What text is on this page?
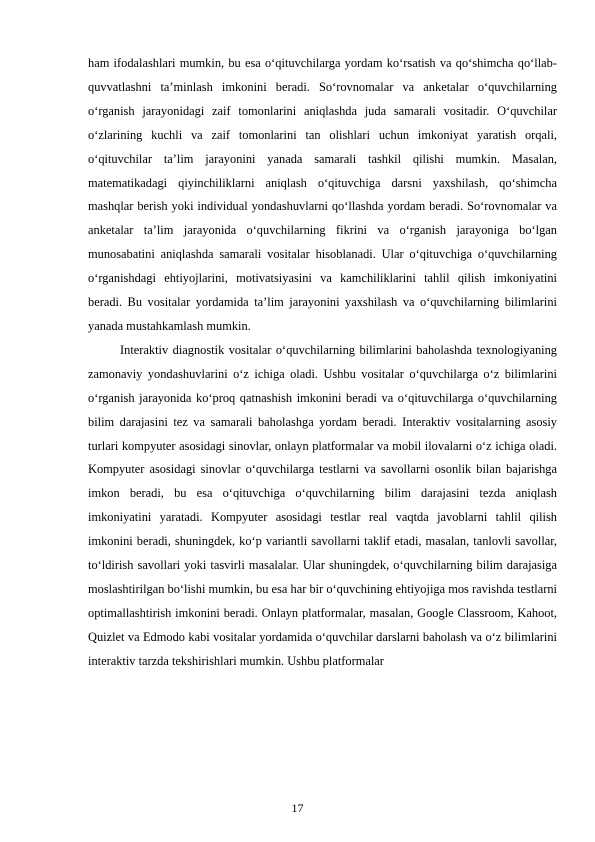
ham ifodalashlari mumkin, bu esa o‘qituvchilarga yordam ko‘rsatish va qo‘shimcha qo‘llab-quvvatlashni ta’minlash imkonini beradi. So‘rovnomalar va anketalar o‘quvchilarning o‘rganish jarayonidagi zaif tomonlarini aniqlashda juda samarali vositadir. O‘quvchilar o‘zlarining kuchli va zaif tomonlarini tan olishlari uchun imkoniyat yaratish orqali, o‘qituvchilar ta’lim jarayonini yanada samarali tashkil qilishi mumkin. Masalan, matematikadagi qiyinchiliklarni aniqlash o‘qituvchiga darsni yaxshilash, qo‘shimcha mashqlar berish yoki individual yondashuvlarni qo‘llashda yordam beradi. So‘rovnomalar va anketalar ta’lim jarayonida o‘quvchilarning fikrini va o‘rganish jarayoniga bo‘lgan munosabatini aniqlashda samarali vositalar hisoblanadi. Ular o‘qituvchiga o‘quvchilarning o‘rganishdagi ehtiyojlarini, motivatsiyasini va kamchiliklarini tahlil qilish imkoniyatini beradi. Bu vositalar yordamida ta’lim jarayonini yaxshilash va o‘quvchilarning bilimlarini yanada mustahkamlash mumkin.

Interaktiv diagnostik vositalar o‘quvchilarning bilimlarini baholashda texnologiyaning zamonaviy yondashuvlarini o‘z ichiga oladi. Ushbu vositalar o‘quvchilarga o‘z bilimlarini o‘rganish jarayonida ko‘proq qatnashish imkonini beradi va o‘qituvchilarga o‘quvchilarning bilim darajasini tez va samarali baholashga yordam beradi. Interaktiv vositalarning asosiy turlari kompyuter asosidagi sinovlar, onlayn platformalar va mobil ilovalarni o‘z ichiga oladi. Kompyuter asosidagi sinovlar o‘quvchilarga testlarni va savollarni osonlik bilan bajarishga imkon beradi, bu esa o‘qituvchiga o‘quvchilarning bilim darajasini tezda aniqlash imkoniyatini yaratadi. Kompyuter asosidagi testlar real vaqtda javoblarni tahlil qilish imkonini beradi, shuningdek, ko‘p variantli savollarni taklif etadi, masalan, tanlovli savollar, to‘ldirish savollari yoki tasvirli masalalar. Ular shuningdek, o‘quvchilarning bilim darajasiga moslashtirilgan bo‘lishi mumkin, bu esa har bir o‘quvchining ehtiyojiga mos ravishda testlarni optimallashtirish imkonini beradi. Onlayn platformalar, masalan, Google Classroom, Kahoot, Quizlet va Edmodo kabi vositalar yordamida o‘quvchilar darslarni baholash va o‘z bilimlarini interaktiv tarzda tekshirishlari mumkin. Ushbu platformalar

17
